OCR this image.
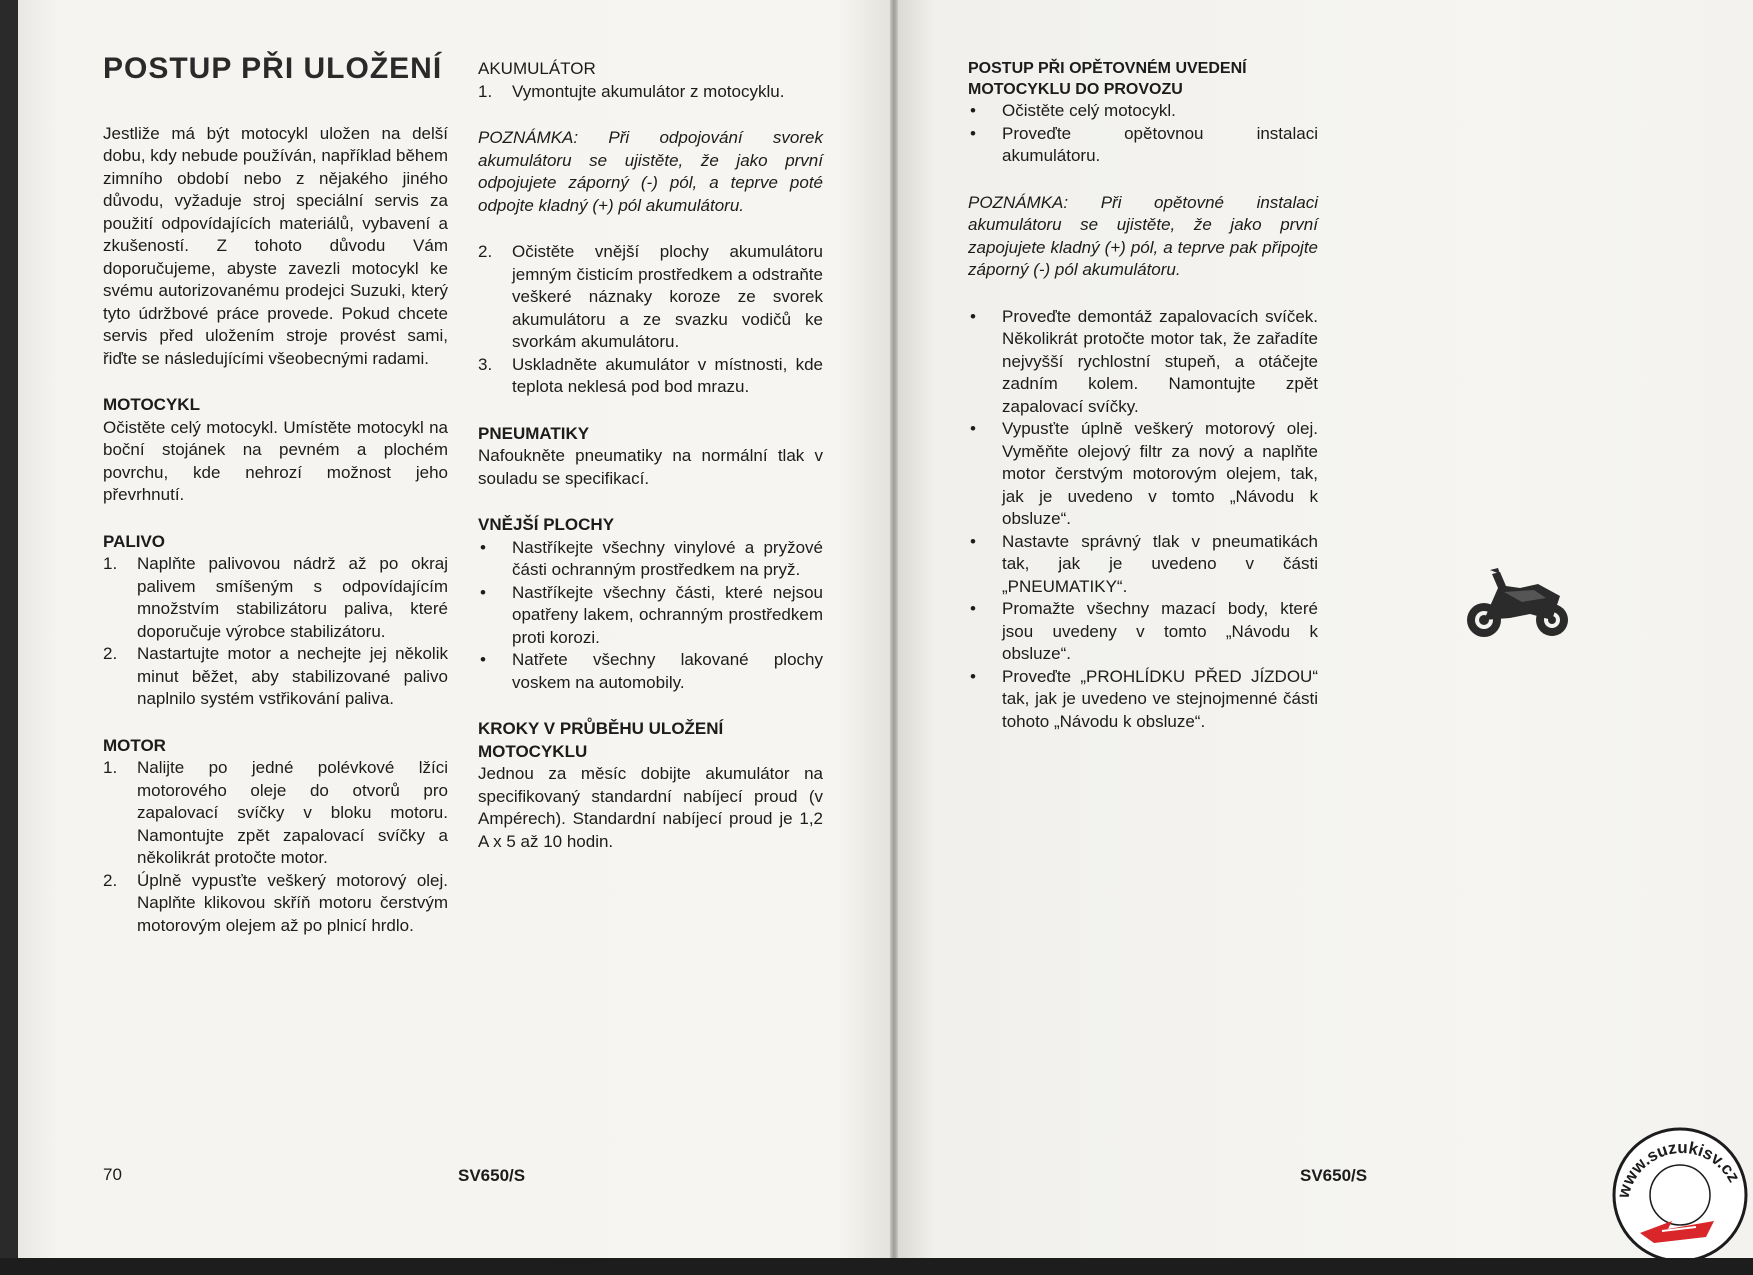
POSTUP PŘI ULOŽENÍ

Jestliže má být motocykl uložen na delší dobu, kdy nebude používán, například během zimního období nebo z nějakého jiného důvodu, vyžaduje stroj speciální servis za použití odpovídajících materiálů, vybavení a zkušeností. Z tohoto důvodu Vám doporučujeme, abyste zavezli motocykl ke svému autorizovanému prodejci Suzuki, který tyto údržbové práce provede. Pokud chcete servis před uložením stroje provést sami, řiďte se následujícími všeobecnými radami.

MOTOCYKL

Očistěte celý motocykl. Umístěte motocykl na boční stojánek na pevném a plochém povrchu, kde nehrozí možnost jeho převrhnutí.

PALIVO
1.	Naplňte palivovou nádrž až po okraj palivem smíšeným s odpovídajícím množstvím stabilizátoru paliva, které doporučuje výrobce stabilizátoru.
2.	Nastartujte motor a nechejte jej několik minut běžet, aby stabilizované palivo naplnilo systém vstřikování paliva.
MOTOR
1.	Nalijte po jedné polévkové lžíci motorového oleje do otvorů pro zapalovací svíčky v bloku motoru. Namontujte zpět zapalovací svíčky a několikrát protočte motor.
2.	Úplně vypusťte veškerý motorový olej. Naplňte klikovou skříň motoru čerstvým motorovým olejem až po plnicí hrdlo.
AKUMULÁTOR
1.	Vymontujte akumulátor z motocyklu.

POZNÁMKA: Při odpojování svorek akumulátoru se ujistěte, že jako první odpojujete záporný (-) pól, a teprve poté odpojte kladný (+) pól akumulátoru.

2.	Očistěte vnější plochy akumulátoru jemným čisticím prostředkem a odstraňte veškeré náznaky koroze ze svorek akumulátoru a ze svazku vodičů ke svorkám akumulátoru.
3.	Uskladněte akumulátor v místnosti, kde teplota neklesá pod bod mrazu.
PNEUMATIKY

Nafoukněte pneumatiky na normální tlak v souladu se specifikací.

VNĚJŠÍ PLOCHY
•	Nastříkejte všechny vinylové a pryžové části ochranným prostředkem na pryž.
•	Nastříkejte všechny části, které nejsou opatřeny lakem, ochranným prostředkem proti korozi.
•	Natřete všechny lakované plochy voskem na automobily.
KROKY V PRŮBĚHU ULOŽENÍ MOTOCYKLU

Jednou za měsíc dobijte akumulátor na specifikovaný standardní nabíjecí proud (v Ampérech). Standardní nabíjecí proud je 1,2 A x 5 až 10 hodin.

70	SV650/S
POSTUP PŘI OPĚTOVNÉM UVEDENÍ MOTOCYKLU DO PROVOZU
•	Očistěte celý motocykl.
•	Proveďte opětovnou instalaci akumulátoru.

POZNÁMKA: Při opětovné instalaci akumulátoru se ujistěte, že jako první zapojujete kladný (+) pól, a teprve pak připojte záporný (-) pól akumulátoru.

•	Proveďte demontáž zapalovacích svíček. Několikrát protočte motor tak, že zařadíte nejvyšší rychlostní stupeň, a otáčejte zadním kolem. Namontujte zpět zapalovací svíčky.
•	Vypusťte úplně veškerý motorový olej. Vyměňte olejový filtr za nový a naplňte motor čerstvým motorovým olejem, tak, jak je uvedeno v tomto „Návodu k obsluze“.
•	Nastavte správný tlak v pneumatikách tak, jak je uvedeno v části „PNEUMATIKY“.
•	Promažte všechny mazací body, které jsou uvedeny v tomto „Návodu k obsluze“.
•	Proveďte „PROHLÍDKU PŘED JÍZDOU“ tak, jak je uvedeno ve stejnojmenné části tohoto „Návodu k obsluze“.
SV650/S
www.suzukisv.cz
